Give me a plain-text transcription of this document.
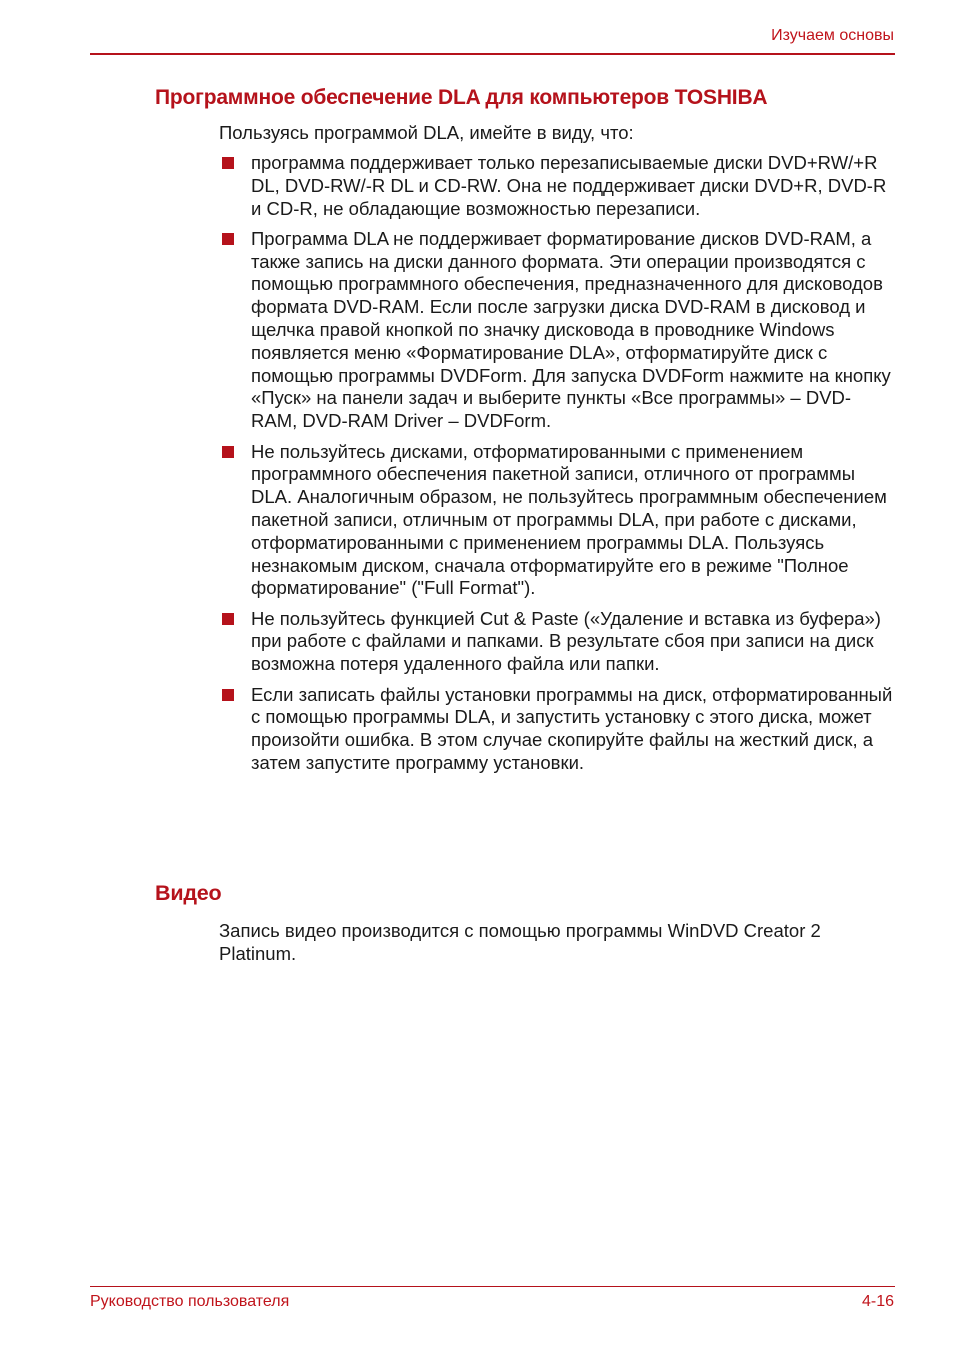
Изучаем основы
Программное обеспечение DLA для компьютеров TOSHIBA

Пользуясь программой DLA, имейте в виду, что:

программа поддерживает только перезаписываемые диски DVD+RW/+R DL, DVD-RW/-R DL и CD-RW. Она не поддерживает диски DVD+R, DVD-R и CD-R, не обладающие возможностью перезаписи.
Программа DLA не поддерживает форматирование дисков DVD-RAM, а также запись на диски данного формата. Эти операции производятся с помощью программного обеспечения, предназначенного для дисководов формата DVD-RAM. Если после загрузки диска DVD-RAM в дисковод и щелчка правой кнопкой по значку дисковода в проводнике Windows появляется меню «Форматирование DLA», отформатируйте диск с помощью программы DVDForm. Для запуска DVDForm нажмите на кнопку «Пуск» на панели задач и выберите пункты «Все программы» – DVD-RAM, DVD-RAM Driver – DVDForm.
Не пользуйтесь дисками, отформатированными с применением программного обеспечения пакетной записи, отличного от программы DLA. Аналогичным образом, не пользуйтесь программным обеспечением пакетной записи, отличным от программы DLA, при работе с дисками, отформатированными с применением программы DLA. Пользуясь незнакомым диском, сначала отформатируйте его в режиме "Полное форматирование" ("Full Format").
Не пользуйтесь функцией Cut & Paste («Удаление и вставка из буфера») при работе с файлами и папками. В результате сбоя при записи на диск возможна потеря удаленного файла или папки.
Если записать файлы установки программы на диск, отформатированный с помощью программы DLA, и запустить установку с этого диска, может произойти ошибка. В этом случае скопируйте файлы на жесткий диск, а затем запустите программу установки.
Видео

Запись видео производится с помощью программы WinDVD Creator 2 Platinum.

Руководство пользователя	4-16
